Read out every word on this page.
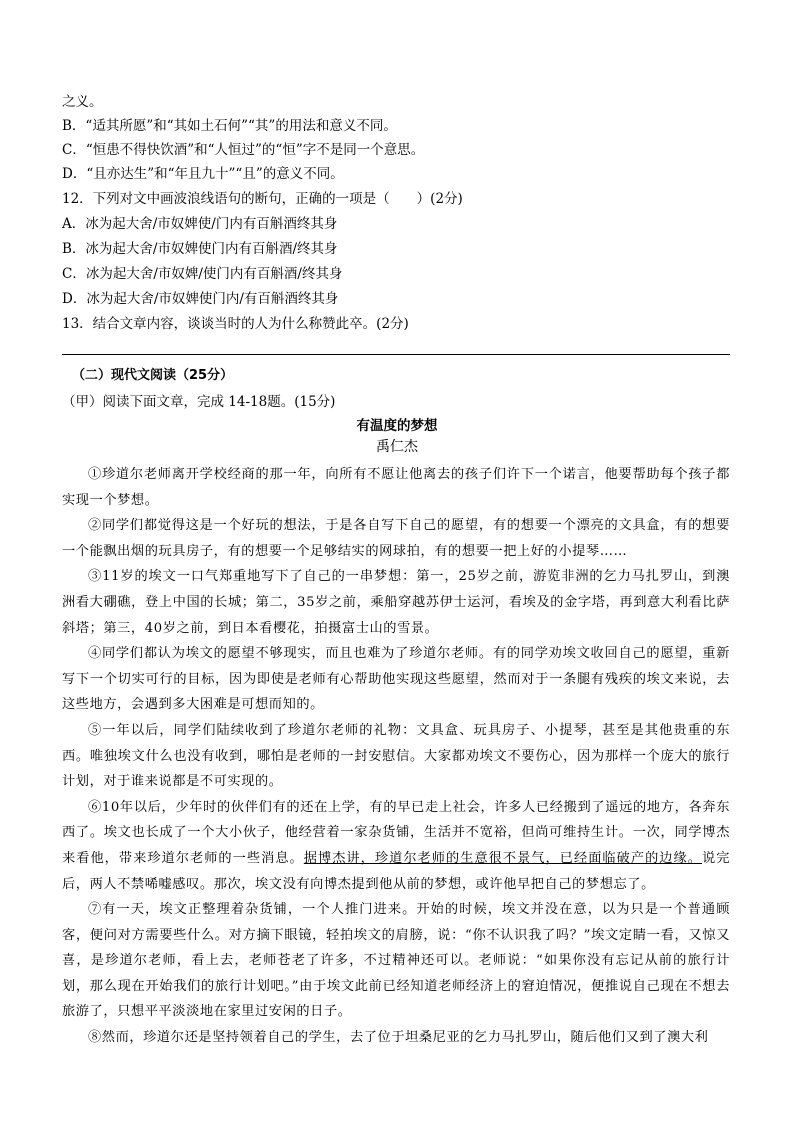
之义。
B．“适其所愿”和“其如土石何”“其”的用法和意义不同。
C．“恒患不得快饮酒”和“人恒过”的“恒”字不是同一个意思。
D．“且亦达生”和“年且九十”“且”的意义不同。
12．下列对文中画波浪线语句的断句，正确的一项是（　　）(2分)
A．冰为起大舍/市奴婢使/门内有百斛酒终其身
B．冰为起大舍/市奴婢使门内有百斛酒/终其身
C．冰为起大舍/市奴婢/使门内有百斛酒/终其身
D．冰为起大舍/市奴婢使门内/有百斛酒终其身
13．结合文章内容，谈谈当时的人为什么称赞此卒。(2分)
（二）现代文阅读（25分）
（甲）阅读下面文章，完成 14-18题。(15分)
有温度的梦想
禹仁杰

①珍道尔老师离开学校经商的那一年，向所有不愿让他离去的孩子们许下一个诺言，他要帮助每个孩子都实现一个梦想。

②同学们都觉得这是一个好玩的想法，于是各自写下自己的愿望，有的想要一个漂亮的文具盒，有的想要一个能飘出烟的玩具房子，有的想要一个足够结实的网球拍，有的想要一把上好的小提琴……

③11岁的埃文一口气郑重地写下了自己的一串梦想：第一，25岁之前，游览非洲的乞力马扎罗山，到澳洲看大硼礁，登上中国的长城；第二，35岁之前，乘船穿越苏伊士运河，看埃及的金字塔，再到意大利看比萨斜塔；第三，40岁之前，到日本看樱花，拍摄富士山的雪景。

④同学们都认为埃文的愿望不够现实，而且也难为了珍道尔老师。有的同学劝埃文收回自己的愿望，重新写下一个切实可行的目标，因为即使是老师有心帮助他实现这些愿望，然而对于一条腿有残疾的埃文来说，去这些地方，会遇到多大困难是可想而知的。

⑤一年以后，同学们陆续收到了珍道尔老师的礼物：文具盒、玩具房子、小提琴，甚至是其他贵重的东西。唯独埃文什么也没有收到，哪怕是老师的一封安慰信。大家都劝埃文不要伤心，因为那样一个庞大的旅行计划，对于谁来说都是不可实现的。

⑥10年以后，少年时的伙伴们有的还在上学，有的早已走上社会，许多人已经搬到了遥远的地方，各奔东西了。埃文也长成了一个大小伙子，他经营着一家杂货铺，生活并不宽裕，但尚可维持生计。一次，同学博杰来看他，带来珍道尔老师的一些消息。据博杰讲，珍道尔老师的生意很不景气，已经面临破产的边缘。说完后，两人不禁唏嘘感叹。那次，埃文没有向博杰提到他从前的梦想，或许他早把自己的梦想忘了。

⑦有一天，埃文正整理着杂货铺，一个人推门进来。开始的时候，埃文并没在意，以为只是一个普通顾客，便问对方需要些什么。对方摘下眼镜，轻拍埃文的肩膀，说：“你不认识我了吗？”埃文定睛一看，又惊又喜，是珍道尔老师，看上去，老师苍老了许多，不过精神还可以。老师说：“如果你没有忘记从前的旅行计划，那么现在开始我们的旅行计划吧。”由于埃文此前已经知道老师经济上的窘迫情况，便推说自己现在不想去旅游了，只想平平淡淡地在家里过安闲的日子。

⑧然而，珍道尔还是坚持领着自己的学生，去了位于坦桑尼亚的乞力马扎罗山，随后他们又到了澳大利
